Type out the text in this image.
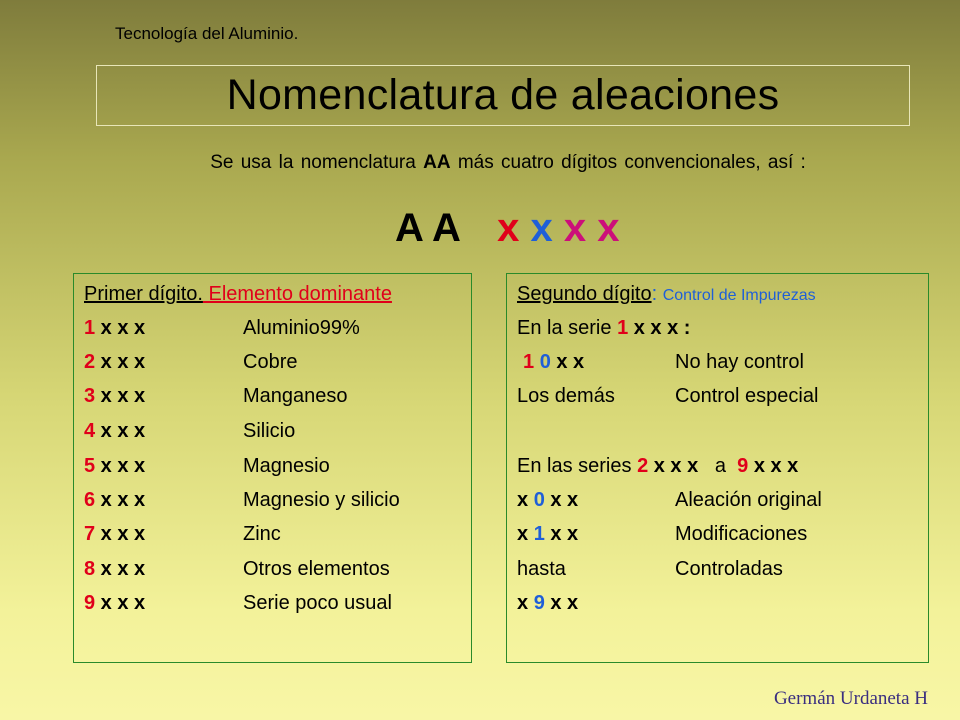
Tecnología del Aluminio.
Nomenclatura de aleaciones
Se usa la nomenclatura AA más cuatro dígitos convencionales, así :
A A x x x x
Primer dígito. Elemento dominante
1 x x x	Aluminio99%
2 x x x	Cobre
3 x x x	Manganeso
4 x x x	Silicio
5 x x x	Magnesio
6 x x x	Magnesio y silicio
7 x x x	Zinc
8 x x x	Otros elementos
9 x x x	Serie poco usual
Segundo dígito: Control de Impurezas
En la serie 1 x x x :
1 0 x x	No hay control
Los demás	Control especial
En las series 2 x x x   a  9 x x x
x 0 x x	Aleación original
x 1 x x	Modificaciones
hasta	Controladas
x 9 x x
Germán Urdaneta H
